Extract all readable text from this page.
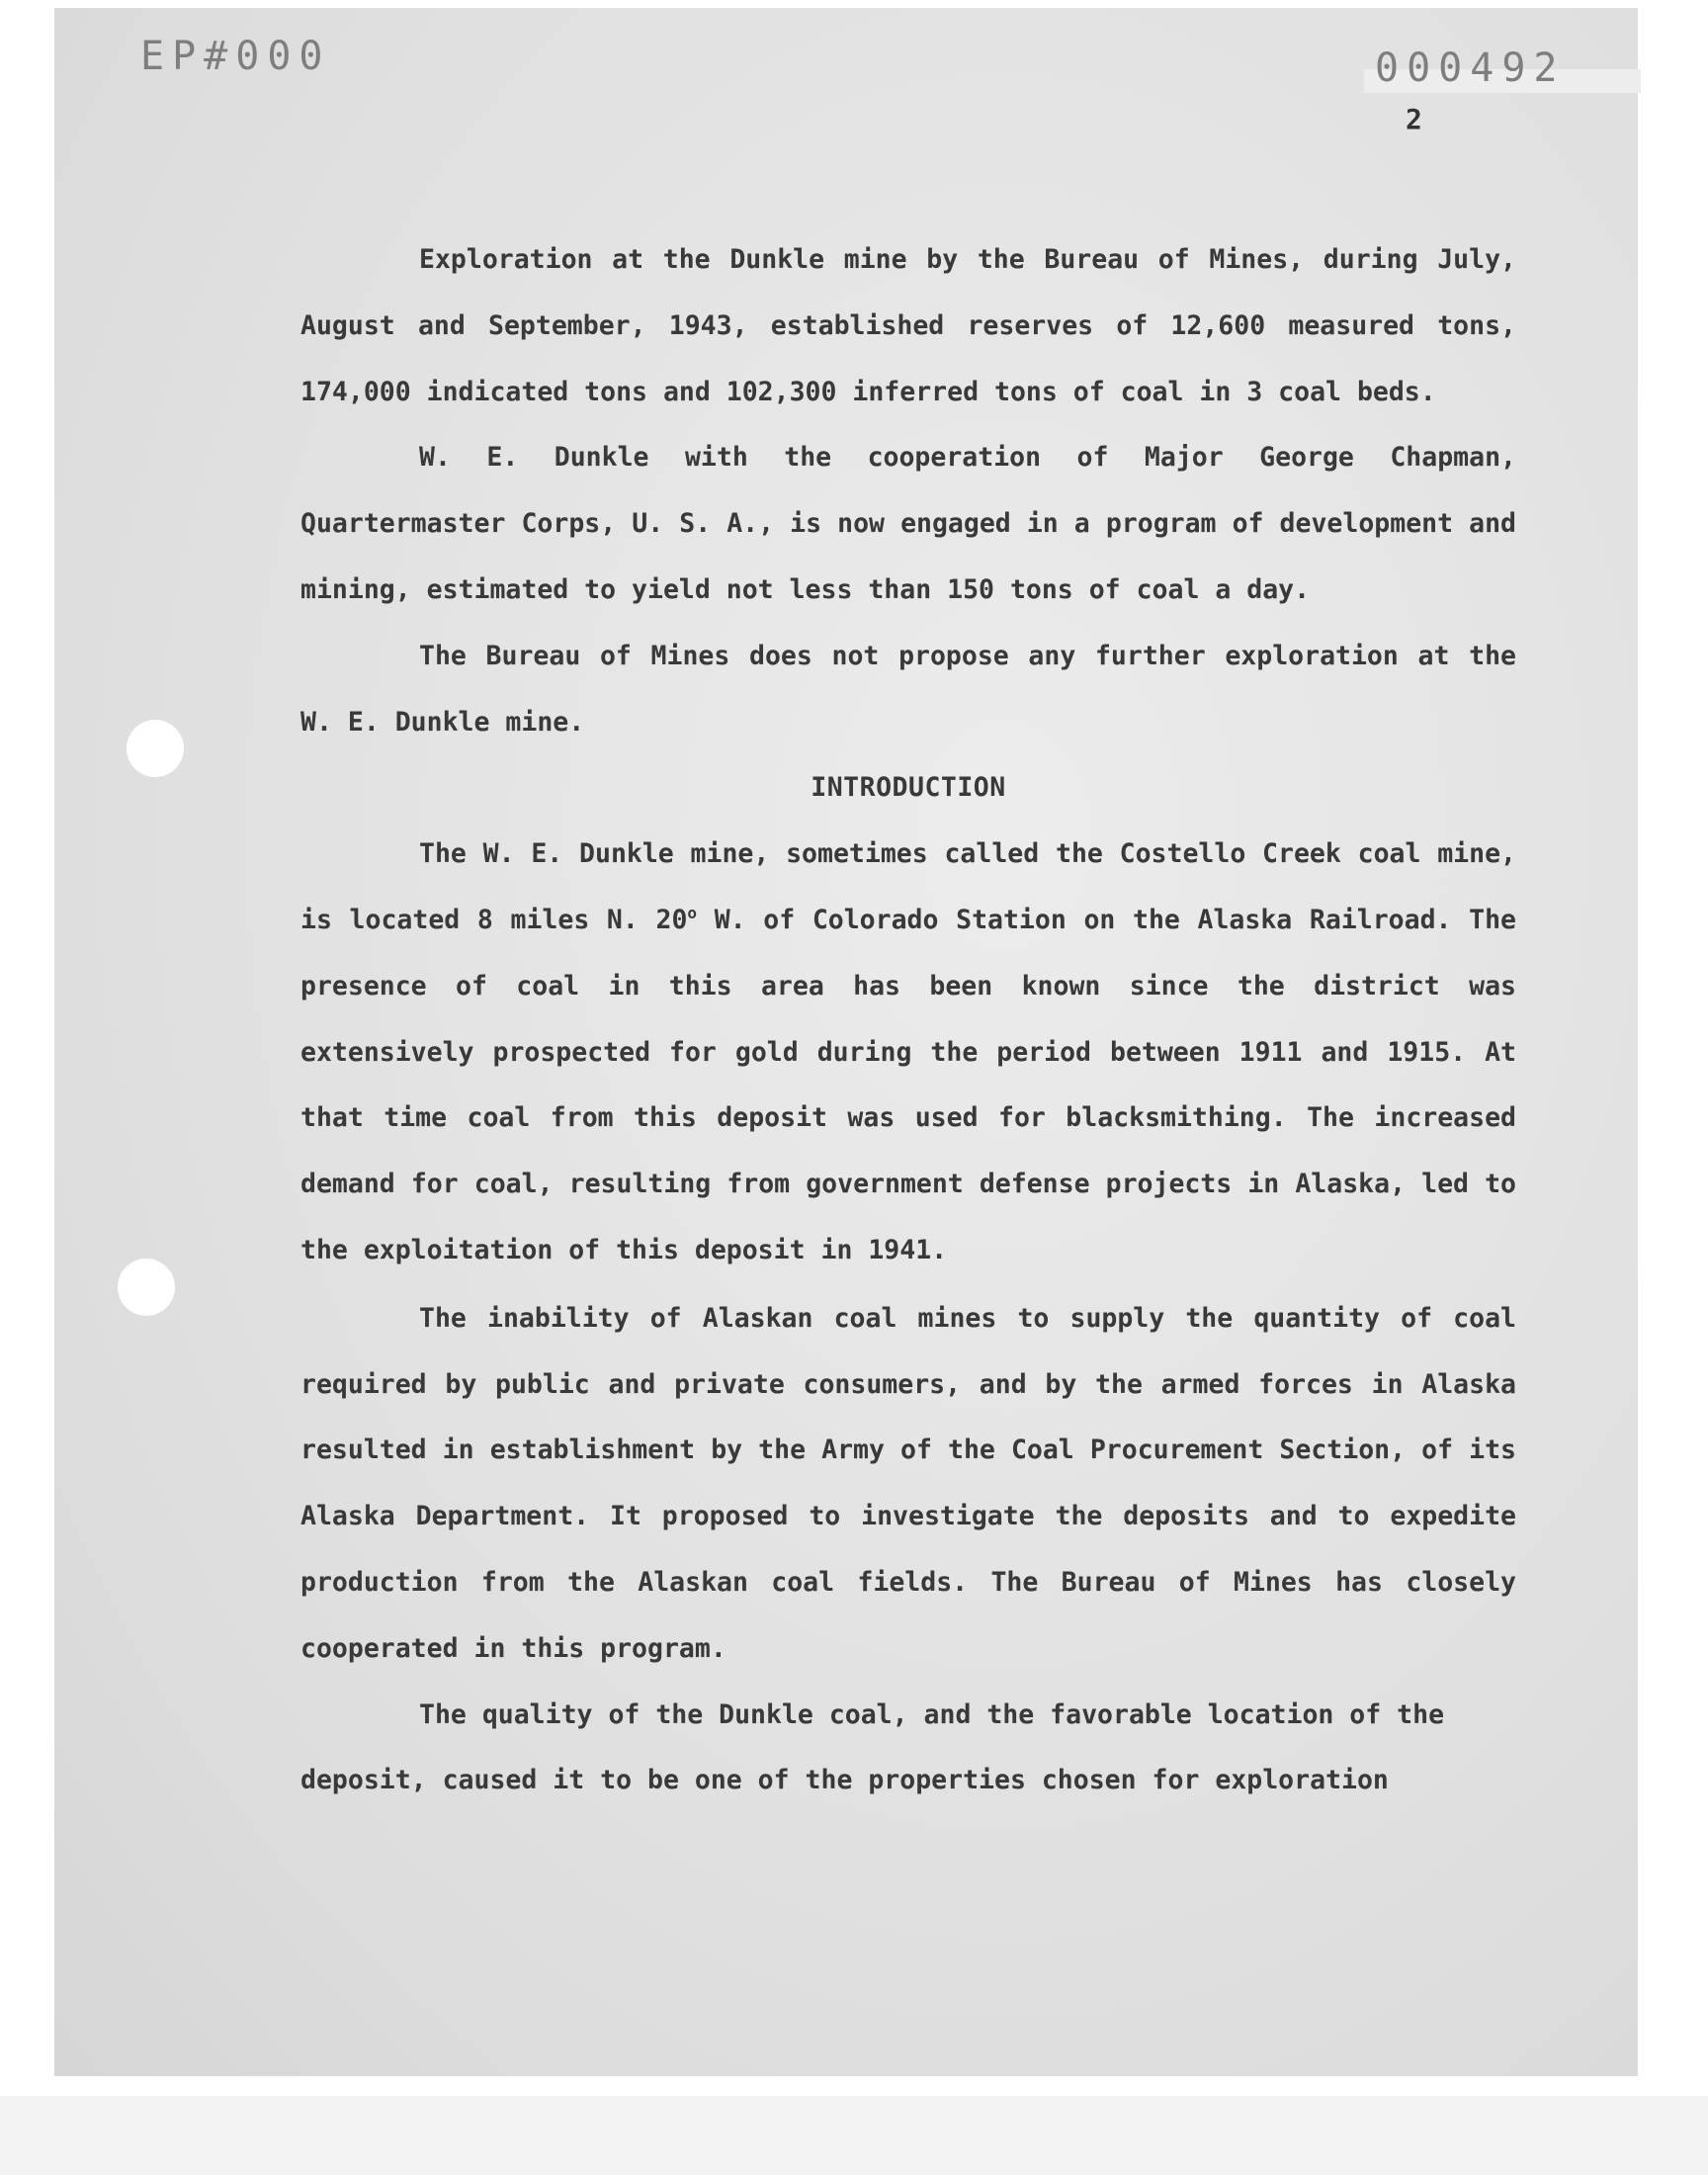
EP#000	000492
2

Exploration at the Dunkle mine by the Bureau of Mines, during July, August and September, 1943, established reserves of 12,600 measured tons, 174,000 indicated tons and 102,300 inferred tons of coal in 3 coal beds.

W. E. Dunkle with the cooperation of Major George Chapman, Quartermaster Corps, U. S. A., is now engaged in a program of development and mining, estimated to yield not less than 150 tons of coal a day.

The Bureau of Mines does not propose any further exploration at the W. E. Dunkle mine.

INTRODUCTION

The W. E. Dunkle mine, sometimes called the Costello Creek coal mine, is located 8 miles N. 20$^o$ W. of Colorado Station on the Alaska Railroad. The presence of coal in this area has been known since the district was extensively prospected for gold during the period between 1911 and 1915. At that time coal from this deposit was used for blacksmithing. The increased demand for coal, resulting from government defense projects in Alaska, led to the exploitation of this deposit in 1941.

The inability of Alaskan coal mines to supply the quantity of coal required by public and private consumers, and by the armed forces in Alaska resulted in establishment by the Army of the Coal Procurement Section, of its Alaska Department. It proposed to investigate the deposits and to expedite production from the Alaskan coal fields. The Bureau of Mines has closely cooperated in this program.

The quality of the Dunkle coal, and the favorable location of the deposit, caused it to be one of the properties chosen for exploration
